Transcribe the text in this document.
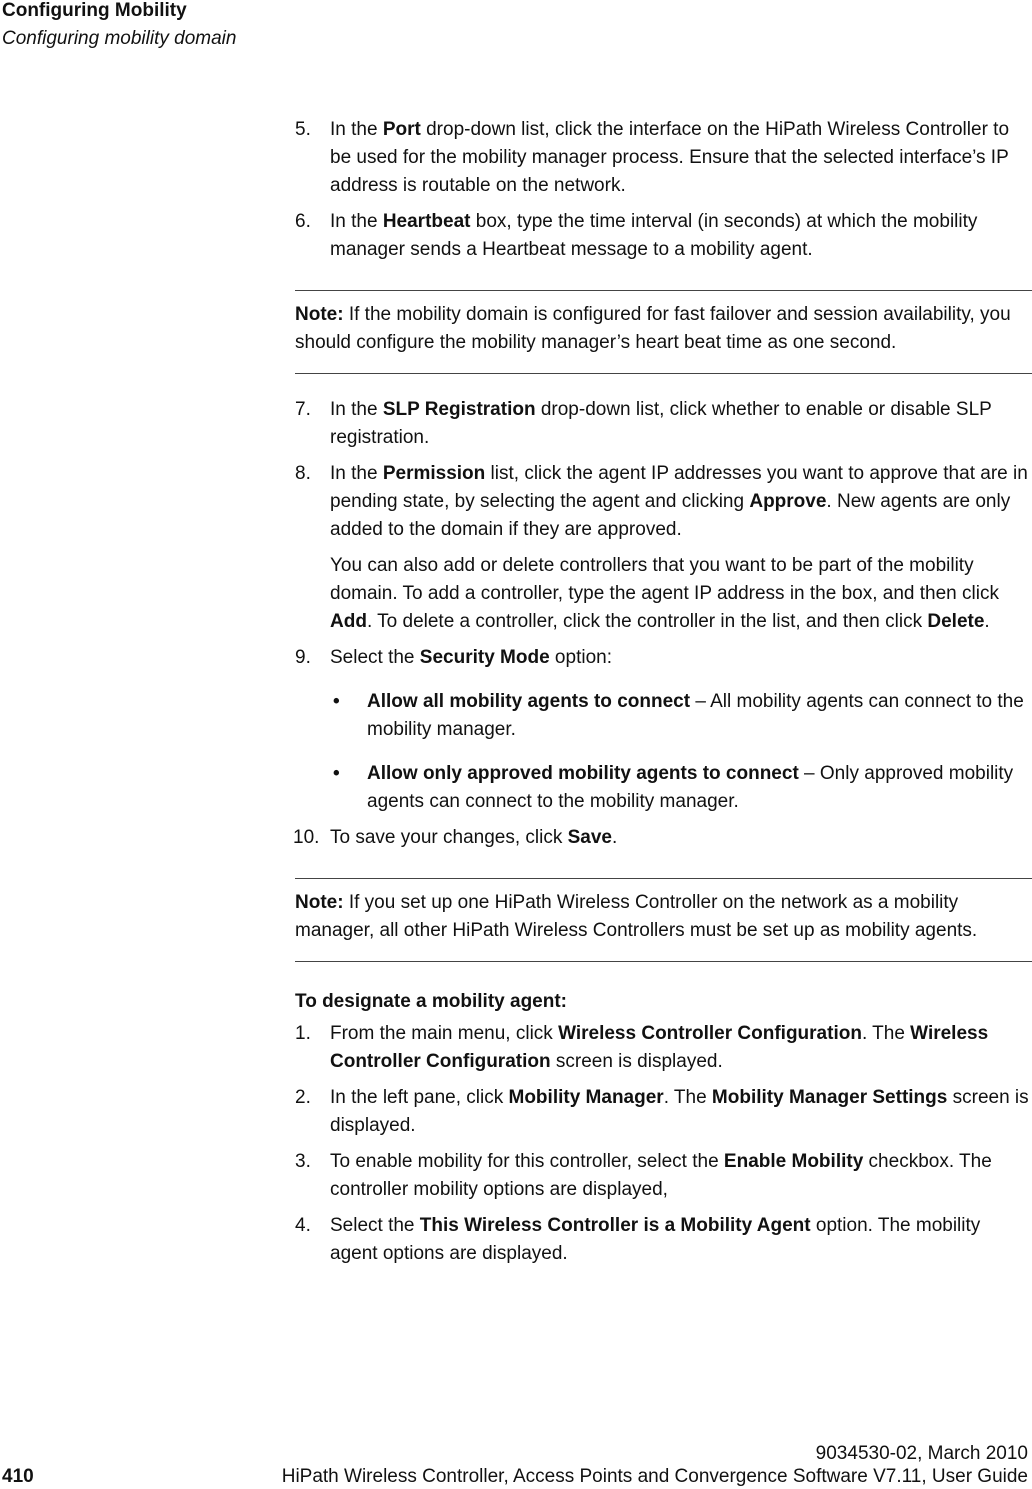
Configuring Mobility
Configuring mobility domain

5. In the Port drop-down list, click the interface on the HiPath Wireless Controller to be used for the mobility manager process. Ensure that the selected interface’s IP address is routable on the network.

6. In the Heartbeat box, type the time interval (in seconds) at which the mobility manager sends a Heartbeat message to a mobility agent.

Note: If the mobility domain is configured for fast failover and session availability, you should configure the mobility manager’s heart beat time as one second.

7. In the SLP Registration drop-down list, click whether to enable or disable SLP registration.

8. In the Permission list, click the agent IP addresses you want to approve that are in pending state, by selecting the agent and clicking Approve. New agents are only added to the domain if they are approved.

You can also add or delete controllers that you want to be part of the mobility domain. To add a controller, type the agent IP address in the box, and then click Add. To delete a controller, click the controller in the list, and then click Delete.

9. Select the Security Mode option:

• Allow all mobility agents to connect – All mobility agents can connect to the mobility manager.

• Allow only approved mobility agents to connect – Only approved mobility agents can connect to the mobility manager.

10. To save your changes, click Save.

Note: If you set up one HiPath Wireless Controller on the network as a mobility manager, all other HiPath Wireless Controllers must be set up as mobility agents.

To designate a mobility agent:

1. From the main menu, click Wireless Controller Configuration. The Wireless Controller Configuration screen is displayed.

2. In the left pane, click Mobility Manager. The Mobility Manager Settings screen is displayed.

3. To enable mobility for this controller, select the Enable Mobility checkbox. The controller mobility options are displayed,

4. Select the This Wireless Controller is a Mobility Agent option. The mobility agent options are displayed.

9034530-02, March 2010
410	HiPath Wireless Controller, Access Points and Convergence Software V7.11, User Guide
